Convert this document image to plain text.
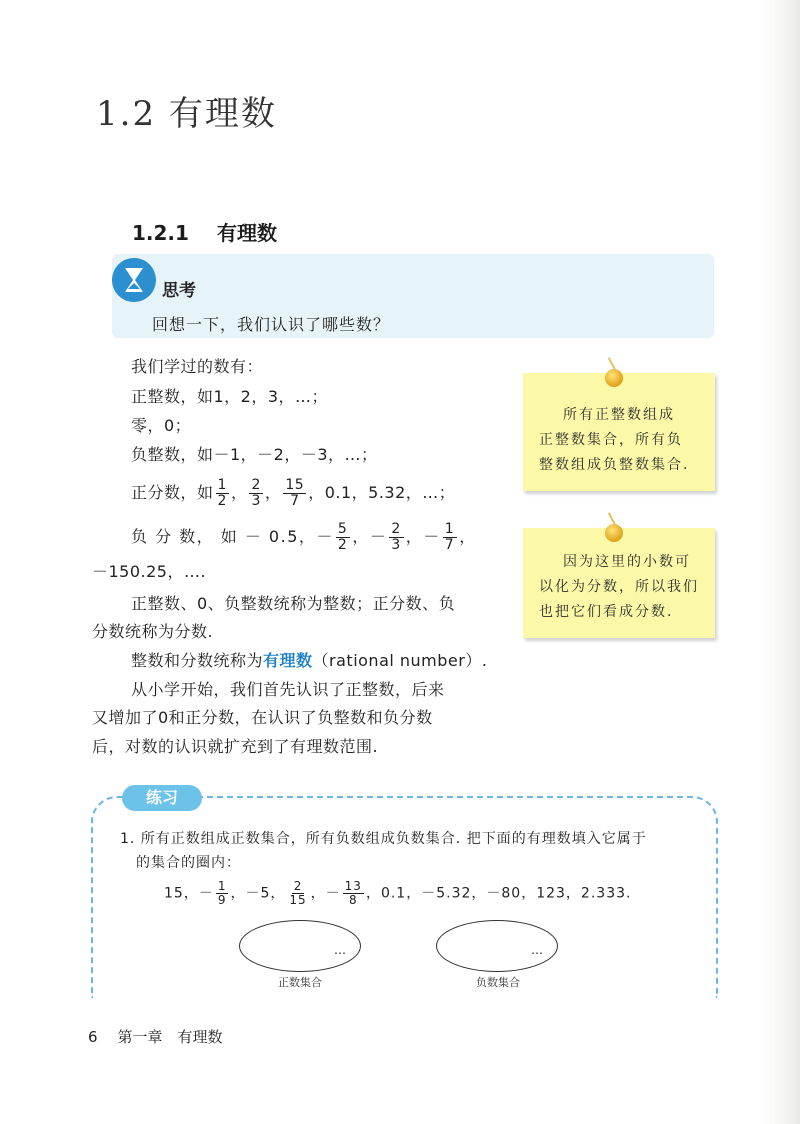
1.2 有理数
1.2.1 有理数
思考
回想一下，我们认识了哪些数？
我们学过的数有：
正整数，如1，2，3，…；
零，0；
负整数，如－1，－2，－3，…；
正分数，如 $\frac{1}{2}$ ， $\frac{2}{3}$ ， $\frac{15}{7}$ ，0.1，5.32，…；
负 分 数， 如 － 0.5，－ $\frac{5}{2}$ ，－ $\frac{2}{3}$ ，－ $\frac{1}{7}$ ，
－150.25，….
正整数、0、负整数统称为整数；正分数、负
分数统称为分数.
整数和分数统称为有理数（rational number）.
从小学开始，我们首先认识了正整数，后来
又增加了0和正分数，在认识了负整数和负分数
后，对数的认识就扩充到了有理数范围.
所有正整数组成
正整数集合，所有负
整数组成负整数集合.
因为这里的小数可
以化为分数，所以我们
也把它们看成分数.
练习
1. 所有正数组成正数集合，所有负数组成负数集合. 把下面的有理数填入它属于
的集合的圈内：
15，－ $\frac{1}{9}$ ，－5， $\frac{2}{15}$ ，－ $\frac{13}{8}$ ，0.1，－5.32，－80，123，2.333.
…	…
正数集合	负数集合
6 第一章　有理数
